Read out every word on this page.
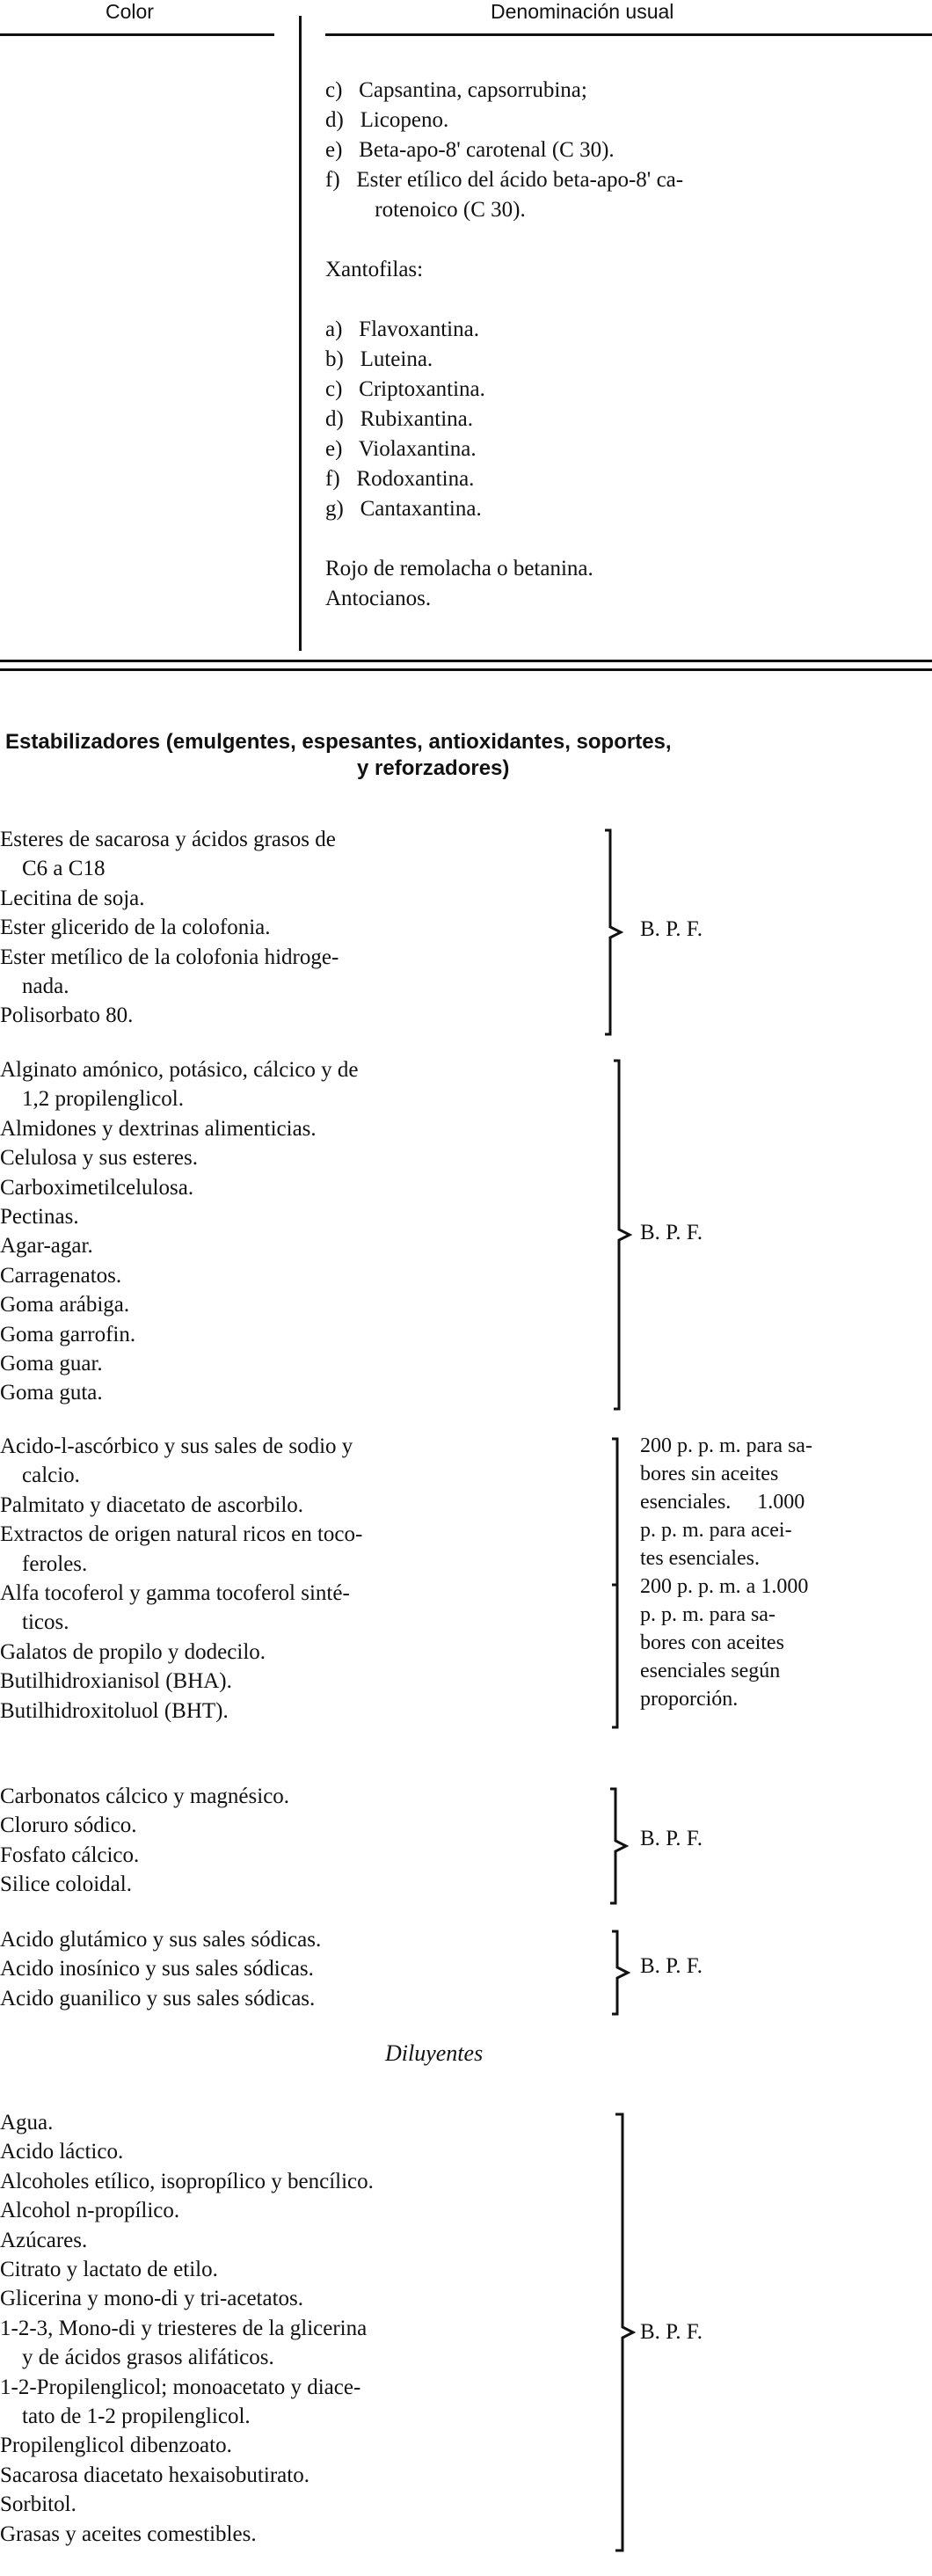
Color	Denominación usual
c)  Capsantina, capsorrubina;
d)  Licopeno.
e)  Beta-apo-8' carotenal (C 30).
f)  Ester etílico del ácido beta-apo-8' ca-
   rotenoico (C 30).
Xantofilas:
a)  Flavoxantina.
b)  Luteina.
c)  Criptoxantina.
d)  Rubixantina.
e)  Violaxantina.
f)  Rodoxantina.
g)  Cantaxantina.
Rojo de remolacha o betanina.
Antocianos.
Estabilizadores (emulgentes, espesantes, antioxidantes, soportes,
y reforzadores)
Esteres de sacarosa y ácidos grasos de
 C6 a C18
Lecitina de soja.
Ester glicerido de la colofonia.
Ester metílico de la colofonia hidroge-
 nada.
Polisorbato 80.
B. P. F.
Alginato amónico, potásico, cálcico y de
 1,2 propilenglicol.
Almidones y dextrinas alimenticias.
Celulosa y sus esteres.
Carboximetilcelulosa.
Pectinas.
Agar-agar.
Carragenatos.
Goma arábiga.
Goma garrofin.
Goma guar.
Goma guta.
B. P. F.
Acido-l-ascórbico y sus sales de sodio y
 calcio.
Palmitato y diacetato de ascorbilo.
Extractos de origen natural ricos en toco-
 feroles.
Alfa tocoferol y gamma tocoferol sinté-
 ticos.
Galatos de propilo y dodecilo.
Butilhidroxianisol (BHA).
Butilhidroxitoluol (BHT).
200 p. p. m. para sa-
bores sin aceites
esenciales.  1.000
p. p. m. para acei-
tes esenciales.
200 p. p. m. a 1.000
p. p. m. para sa-
bores con aceites
esenciales según
proporción.
Carbonatos cálcico y magnésico.
Cloruro sódico.
Fosfato cálcico.
Silice coloidal.
B. P. F.
Acido glutámico y sus sales sódicas.
Acido inosínico y sus sales sódicas.
Acido guanilico y sus sales sódicas.
B. P. F.
Diluyentes
Agua.
Acido láctico.
Alcoholes etílico, isopropílico y bencílico.
Alcohol n-propílico.
Azúcares.
Citrato y lactato de etilo.
Glicerina y mono-di y tri-acetatos.
1-2-3, Mono-di y triesteres de la glicerina
 y de ácidos grasos alifáticos.
1-2-Propilenglicol; monoacetato y diace-
 tato de 1-2 propilenglicol.
Propilenglicol dibenzoato.
Sacarosa diacetato hexaisobutirato.
Sorbitol.
Grasas y aceites comestibles.
B. P. F.
